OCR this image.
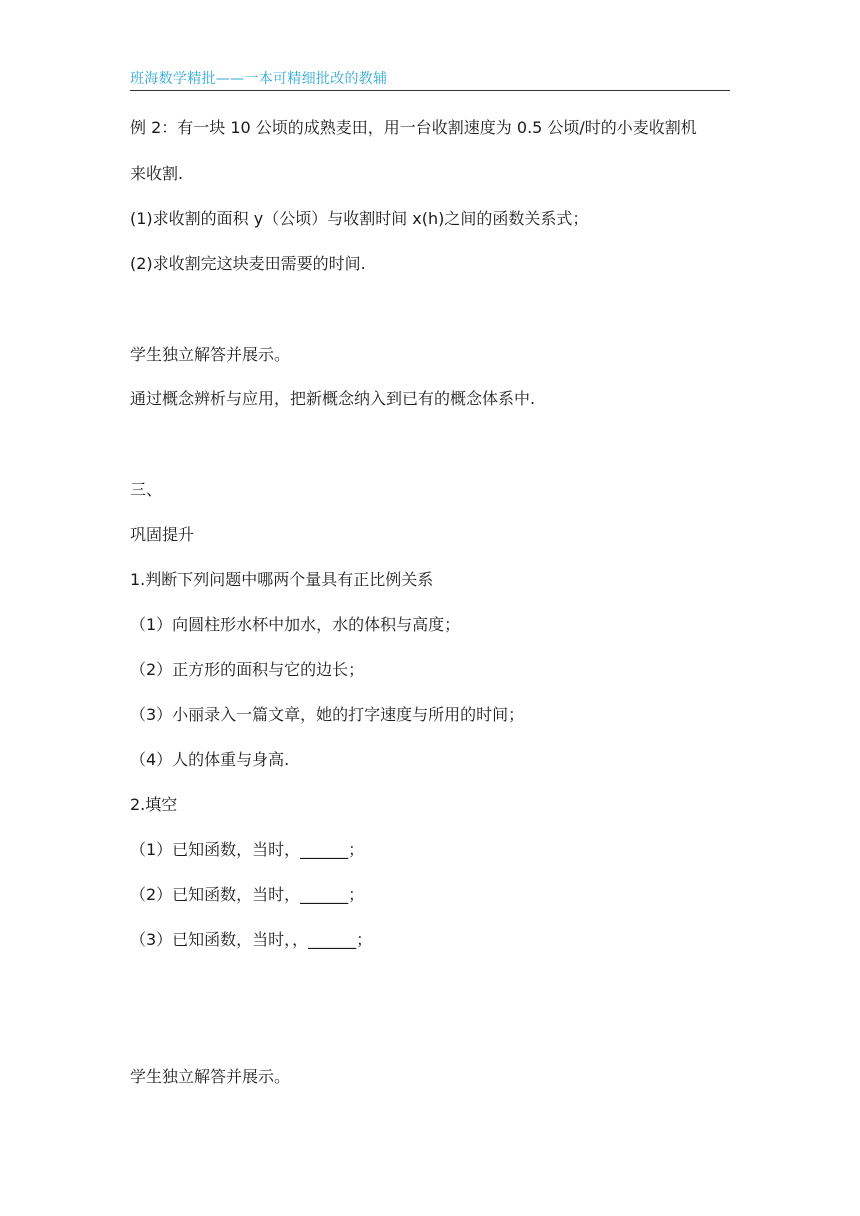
班海数学精批——一本可精细批改的教辅
例 2：有一块 10 公顷的成熟麦田，用一台收割速度为 0.5 公顷/时的小麦收割机
来收割.
(1)求收割的面积 y（公顷）与收割时间 x(h)之间的函数关系式；
(2)求收割完这块麦田需要的时间.
学生独立解答并展示。
通过概念辨析与应用，把新概念纳入到已有的概念体系中.
三、
巩固提升
1.判断下列问题中哪两个量具有正比例关系
（1）向圆柱形水杯中加水，水的体积与高度；
（2）正方形的面积与它的边长；
（3）小丽录入一篇文章，她的打字速度与所用的时间；
（4）人的体重与身高.
2.填空
（1）已知函数，当时，______；
（2）已知函数，当时，______；
（3）已知函数，当时，，______；
学生独立解答并展示。
